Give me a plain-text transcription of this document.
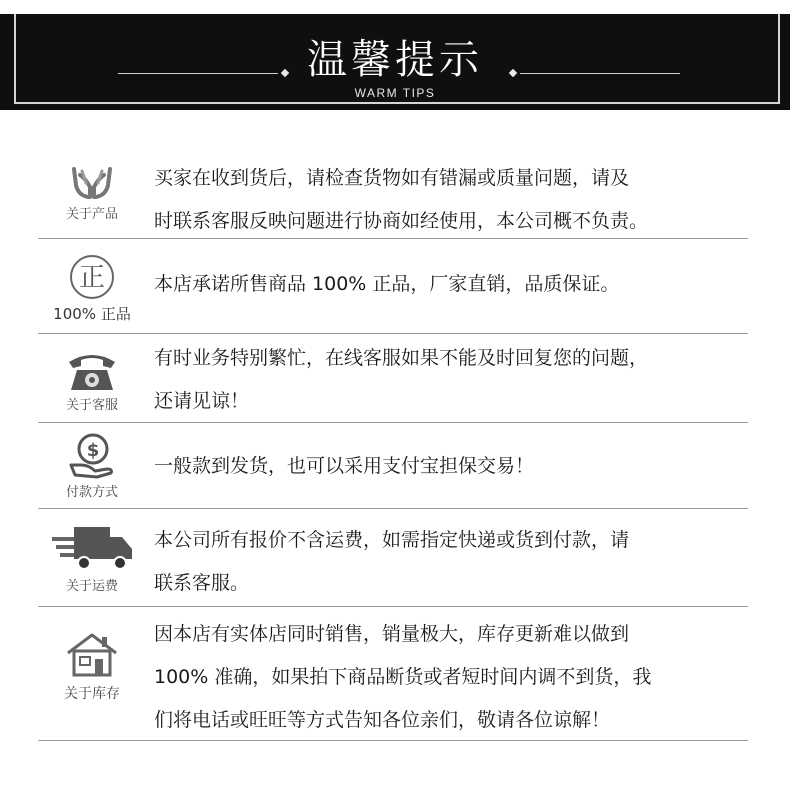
温馨提示
WARM TIPS
关于产品
买家在收到货后，请检查货物如有错漏或质量问题，请及
时联系客服反映问题进行协商如经使用，本公司概不负责。
正
100% 正品
本店承诺所售商品 100% 正品，厂家直销，品质保证。
关于客服
有时业务特别繁忙，在线客服如果不能及时回复您的问题，
还请见谅！
$
付款方式
一般款到发货，也可以采用支付宝担保交易！
关于运费
本公司所有报价不含运费，如需指定快递或货到付款，请
联系客服。
关于库存
因本店有实体店同时销售，销量极大，库存更新难以做到
100% 准确，如果拍下商品断货或者短时间内调不到货，我
们将电话或旺旺等方式告知各位亲们，敬请各位谅解！
